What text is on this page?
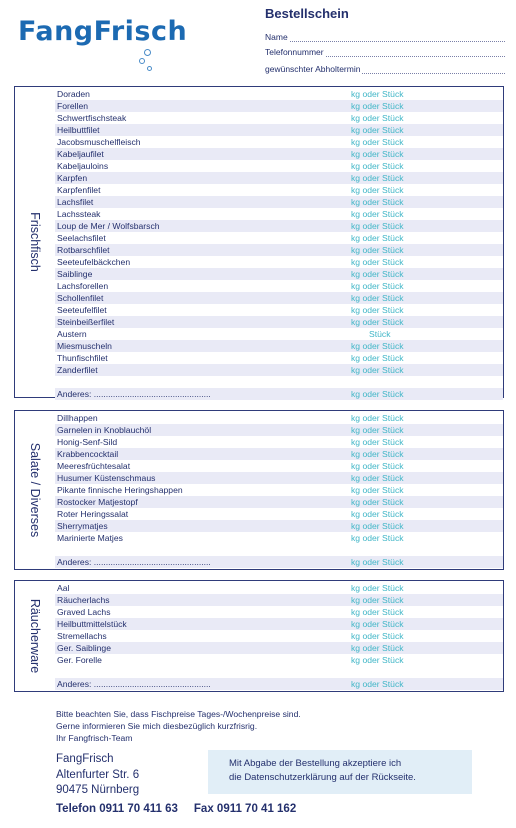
FangFrisch
Bestellschein
Name
Telefonnummer
gewünschter Abholtermin
Frischfisch
Doraden	kg oder Stück
Forellen	kg oder Stück
Schwertfischsteak	kg oder Stück
Heilbuttfilet	kg oder Stück
Jacobsmuschelfleisch	kg oder Stück
Kabeljaufilet	kg oder Stück
Kabeljauloins	kg oder Stück
Karpfen	kg oder Stück
Karpfenfilet	kg oder Stück
Lachsfilet	kg oder Stück
Lachssteak	kg oder Stück
Loup de Mer / Wolfsbarsch	kg oder Stück
Seelachsfilet	kg oder Stück
Rotbarschfilet	kg oder Stück
Seeteufelbäckchen	kg oder Stück
Saiblinge	kg oder Stück
Lachsforellen	kg oder Stück
Schollenfilet	kg oder Stück
Seeteufelfilet	kg oder Stück
Steinbeißerfilet	kg oder Stück
Austern	Stück
Miesmuscheln	kg oder Stück
Thunfischfilet	kg oder Stück
Zanderfilet	kg oder Stück
Anderes: .................................................	kg oder Stück
Salate / Diverses
Dillhappen	kg oder Stück
Garnelen in Knoblauchöl	kg oder Stück
Honig-Senf-Sild	kg oder Stück
Krabbencocktail	kg oder Stück
Meeresfrüchtesalat	kg oder Stück
Husumer Küstenschmaus	kg oder Stück
Pikante finnische Heringshappen	kg oder Stück
Rostocker Matjestopf	kg oder Stück
Roter Heringssalat	kg oder Stück
Sherrymatjes	kg oder Stück
Marinierte Matjes	kg oder Stück
Anderes: .................................................	kg oder Stück
Räucherware
Aal	kg oder Stück
Räucherlachs	kg oder Stück
Graved Lachs	kg oder Stück
Heilbuttmittelstück	kg oder Stück
Stremellachs	kg oder Stück
Ger. Saiblinge	kg oder Stück
Ger. Forelle	kg oder Stück
Anderes: .................................................	kg oder Stück
Bitte beachten Sie, dass Fischpreise Tages-/Wochenpreise sind.
Gerne informieren Sie mich diesbezüglich kurzfrisrig.
Ihr Fangfrisch-Team
FangFrisch
Altenfurter Str. 6
90475 Nürnberg
Mit Abgabe der Bestellung akzeptiere ich
die Datenschutzerklärung auf der Rückseite.
Telefon 0911 70 411 63 Fax 0911 70 41 162
